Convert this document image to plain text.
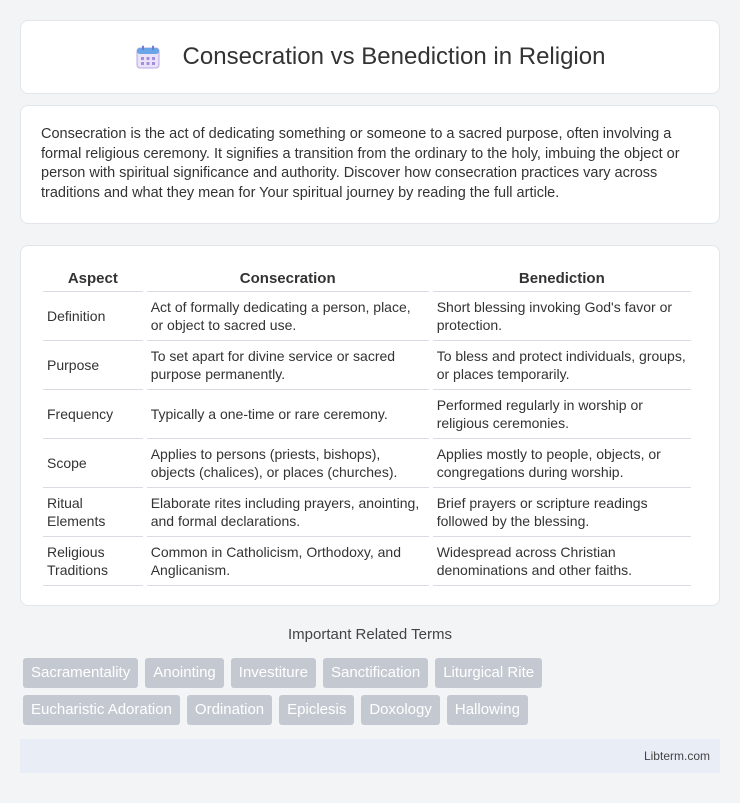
Consecration vs Benediction in Religion

Consecration is the act of dedicating something or someone to a sacred purpose, often involving a formal religious ceremony. It signifies a transition from the ordinary to the holy, imbuing the object or person with spiritual significance and authority. Discover how consecration practices vary across traditions and what they mean for Your spiritual journey by reading the full article.

Aspect	Consecration	Benediction
Definition	Act of formally dedicating a person, place, or object to sacred use.	Short blessing invoking God's favor or protection.
Purpose	To set apart for divine service or sacred purpose permanently.	To bless and protect individuals, groups, or places temporarily.
Frequency	Typically a one-time or rare ceremony.	Performed regularly in worship or religious ceremonies.
Scope	Applies to persons (priests, bishops), objects (chalices), or places (churches).	Applies mostly to people, objects, or congregations during worship.
Ritual Elements	Elaborate rites including prayers, anointing, and formal declarations.	Brief prayers or scripture readings followed by the blessing.
Religious Traditions	Common in Catholicism, Orthodoxy, and Anglicanism.	Widespread across Christian denominations and other faiths.
Important Related Terms
Sacramentality	Anointing	Investiture	Sanctification	Liturgical Rite
Eucharistic Adoration	Ordination	Epiclesis	Doxology	Hallowing
Libterm.com
